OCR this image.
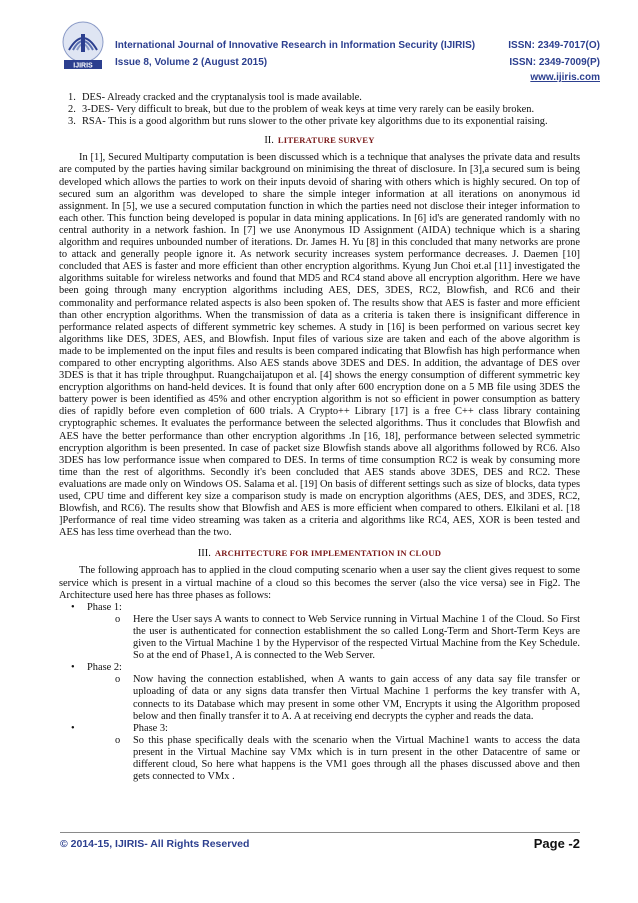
IJIRIS
International Journal of Innovative Research in Information Security (IJIRIS)
Issue 8, Volume 2 (August 2015)
ISSN: 2349-7017(O)
ISSN: 2349-7009(P)
www.ijiris.com
1. DES- Already cracked and the cryptanalysis tool is made available.
2. 3-DES- Very difficult to break, but due to the problem of weak keys at time very rarely can be easily broken.
3. RSA- This is a good algorithm but runs slower to the other private key algorithms due to its exponential raising.
II. LITERATURE SURVEY

In [1], Secured Multiparty computation is been discussed which is a technique that analyses the private data and results are computed by the parties having similar background on minimising the threat of disclosure. In [3],a secured sum is being developed which allows the parties to work on their inputs devoid of sharing with others which is highly secured. On top of secured sum an algorithm was developed to share the simple integer information at all iterations on anonymous id assignment. In [5], we use a secured computation function in which the parties need not disclose their integer information to each other. This function being developed is popular in data mining applications. In [6] id's are generated randomly with no central authority in a network fashion. In [7] we use Anonymous ID Assignment (AIDA) technique which is a sharing algorithm and requires unbounded number of iterations. Dr. James H. Yu [8] in this concluded that many networks are prone to attack and generally people ignore it. As network security increases system performance decreases. J. Daemen [10] concluded that AES is faster and more efficient than other encryption algorithms. Kyung Jun Choi et.al [11] investigated the algorithms suitable for wireless networks and found that MD5 and RC4 stand above all encryption algorithm. Here we have been going through many encryption algorithms including AES, DES, 3DES, RC2, Blowfish, and RC6 and their commonality and performance related aspects is also been spoken of. The results show that AES is faster and more efficient than other encryption algorithms. When the transmission of data as a criteria is taken there is insignificant difference in performance related aspects of different symmetric key schemes. A study in [16] is been performed on various secret key algorithms like DES, 3DES, AES, and Blowfish. Input files of various size are taken and each of the above algorithm is made to be implemented on the input files and results is been compared indicating that Blowfish has high performance when compared to other encrypting algorithms. Also AES stands above 3DES and DES. In addition, the advantage of DES over 3DES is that it has triple throughput. Ruangchaijatupon et al. [4] shows the energy consumption of different symmetric key encryption algorithms on hand-held devices. It is found that only after 600 encryption done on a 5 MB file using 3DES the battery power is been identified as 45% and other encryption algorithm is not so efficient in power consumption as battery dies of rapidly before even completion of 600 trials. A Crypto++ Library [17] is a free C++ class library containing cryptographic schemes. It evaluates the performance between the selected algorithms. Thus it concludes that Blowfish and AES have the better performance than other encryption algorithms .In [16, 18], performance between selected symmetric encryption algorithm is been presented. In case of packet size Blowfish stands above all algorithms followed by RC6. Also 3DES has low performance issue when compared to DES. In terms of time consumption RC2 is weak by consuming more time than the rest of algorithms. Secondly it's been concluded that AES stands above 3DES, DES and RC2. These evaluations are made only on Windows OS. Salama et al. [19] On basis of different settings such as size of blocks, data types used, CPU time and different key size a comparison study is made on encryption algorithms (AES, DES, and 3DES, RC2, Blowfish, and RC6). The results show that Blowfish and AES is more efficient when compared to others. Elkilani et al. [18 ]Performance of real time video streaming was taken as a criteria and algorithms like RC4, AES, XOR is been tested and AES has less time overhead than the two.

III. ARCHITECTURE FOR IMPLEMENTATION IN CLOUD

The following approach has to applied in the cloud computing scenario when a user say the client gives request to some service which is present in a virtual machine of a cloud so this becomes the server (also the vice versa) see in Fig2. The Architecture used here has three phases as follows:

• Phase 1:
o Here the User says A wants to connect to Web Service running in Virtual Machine 1 of the Cloud. So First the user is authenticated for connection establishment the so called Long-Term and Short-Term Keys are given to the Virtual Machine 1 by the Hypervisor of the respected Virtual Machine from the Key Schedule. So at the end of Phase1, A is connected to the Web Server.
• Phase 2:
o Now having the connection established, when A wants to gain access of any data say file transfer or uploading of data or any signs data transfer then Virtual Machine 1 performs the key transfer with A, connects to its Database which may present in some other VM, Encrypts it using the Algorithm proposed below and then finally transfer it to A. A at receiving end decrypts the cypher and reads the data.
•	Phase 3:
o So this phase specifically deals with the scenario when the Virtual Machine1 wants to access the data present in the Virtual Machine say VMx which is in turn present in the other Datacentre of same or different cloud, So here what happens is the VM1 goes through all the phases discussed above and then gets connected to VMx .
© 2014-15, IJIRIS- All Rights Reserved	Page -2
